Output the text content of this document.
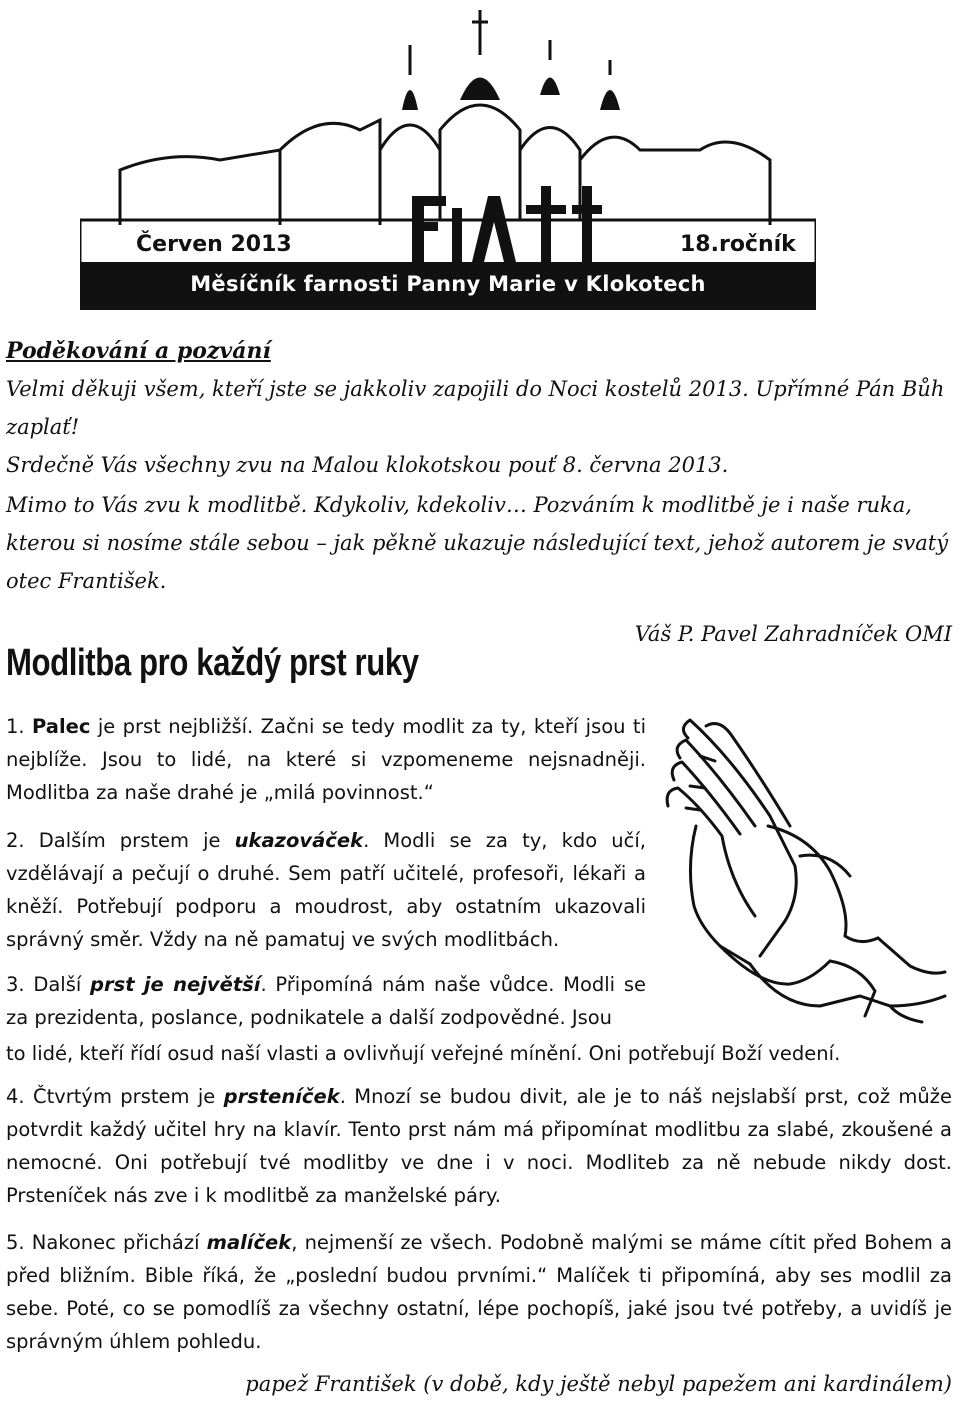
Červen 2013	18.ročník
Měsíčník farnosti Panny Marie v Klokotech
Poděkování a pozvání
Velmi děkuji všem, kteří jste se jakkoliv zapojili do Noci kostelů 2013. Upřímné Pán Bůh zaplať!
Srdečně Vás všechny zvu na Malou klokotskou pouť 8. června 2013.
Mimo to Vás zvu k modlitbě. Kdykoliv, kdekoliv… Pozváním k modlitbě je i naše ruka, kterou si nosíme stále sebou – jak pěkně ukazuje následující text, jehož autorem je svatý otec František.
Váš P. Pavel Zahradníček OMI
Modlitba pro každý prst ruky
1. Palec je prst nejbližší. Začni se tedy modlit za ty, kteří jsou ti nejblíže. Jsou to lidé, na které si vzpomeneme nejsnadněji. Modlitba za naše drahé je „milá povinnost.“
2. Dalším prstem je ukazováček. Modli se za ty, kdo učí, vzdělávají a pečují o druhé. Sem patří učitelé, profesoři, lékaři a kněží. Potřebují podporu a moudrost, aby ostatním ukazovali správný směr. Vždy na ně pamatuj ve svých modlitbách.
3. Další prst je největší. Připomíná nám naše vůdce. Modli se za prezidenta, poslance, podnikatele a další zodpovědné. Jsou
to lidé, kteří řídí osud naší vlasti a ovlivňují veřejné mínění. Oni potřebují Boží vedení.
4. Čtvrtým prstem je prsteníček. Mnozí se budou divit, ale je to náš nejslabší prst, což může potvrdit každý učitel hry na klavír. Tento prst nám má připomínat modlitbu za slabé, zkoušené a nemocné. Oni potřebují tvé modlitby ve dne i v noci. Modliteb za ně nebude nikdy dost. Prsteníček nás zve i k modlitbě za manželské páry.
5. Nakonec přichází malíček, nejmenší ze všech. Podobně malými se máme cítit před Bohem a před bližním. Bible říká, že „poslední budou prvními.“ Malíček ti připomíná, aby ses modlil za sebe. Poté, co se pomodlíš za všechny ostatní, lépe pochopíš, jaké jsou tvé potřeby, a uvidíš je správným úhlem pohledu.
papež František (v době, kdy ještě nebyl papežem ani kardinálem)
